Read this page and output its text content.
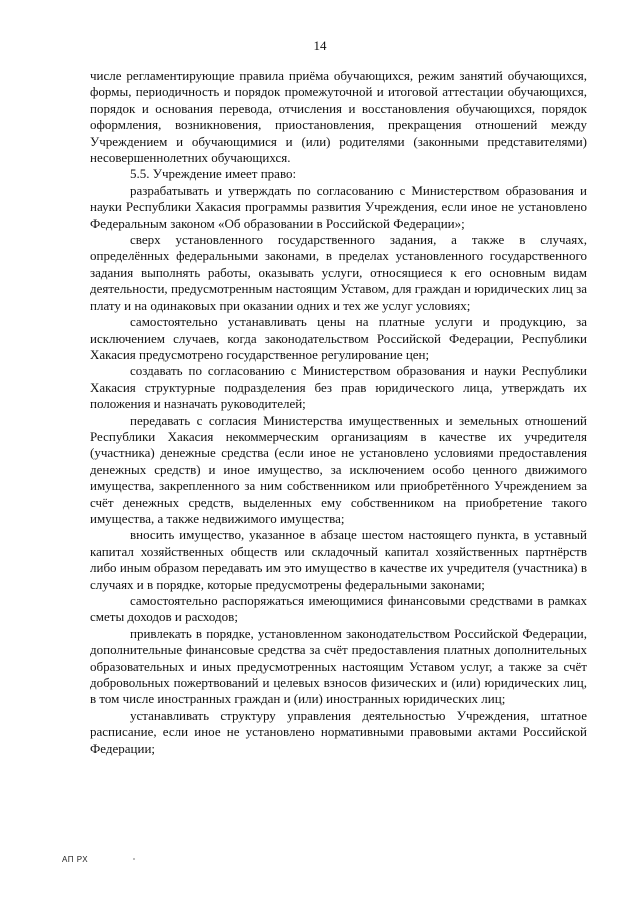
14

числе регламентирующие правила приёма обучающихся, режим занятий обучающихся, формы, периодичность и порядок промежуточной и итоговой аттестации обучающихся, порядок и основания перевода, отчисления и восстановления обучающихся, порядок оформления, возникновения, приостановления, прекращения отношений между Учреждением и обучающимися и (или) родителями (законными представителями) несовершеннолетних обучающихся.

5.5. Учреждение имеет право:

разрабатывать и утверждать по согласованию с Министерством образования и науки Республики Хакасия программы развития Учреждения, если иное не установлено Федеральным законом «Об образовании в Российской Федерации»;

сверх установленного государственного задания, а также в случаях, определённых федеральными законами, в пределах установленного государственного задания выполнять работы, оказывать услуги, относящиеся к его основным видам деятельности, предусмотренным настоящим Уставом, для граждан и юридических лиц за плату и на одинаковых при оказании одних и тех же услуг условиях;

самостоятельно устанавливать цены на платные услуги и продукцию, за исключением случаев, когда законодательством Российской Федерации, Республики Хакасия предусмотрено государственное регулирование цен;

создавать по согласованию с Министерством образования и науки Республики Хакасия структурные подразделения без прав юридического лица, утверждать их положения и назначать руководителей;

передавать с согласия Министерства имущественных и земельных отношений Республики Хакасия некоммерческим организациям в качестве их учредителя (участника) денежные средства (если иное не установлено условиями предоставления денежных средств) и иное имущество, за исключением особо ценного движимого имущества, закрепленного за ним собственником или приобретённого Учреждением за счёт денежных средств, выделенных ему собственником на приобретение такого имущества, а также недвижимого имущества;

вносить имущество, указанное в абзаце шестом настоящего пункта, в уставный капитал хозяйственных обществ или складочный капитал хозяйственных партнёрств либо иным образом передавать им это имущество в качестве их учредителя (участника) в случаях и в порядке, которые предусмотрены федеральными законами;

самостоятельно распоряжаться имеющимися финансовыми средствами в рамках сметы доходов и расходов;

привлекать в порядке, установленном законодательством Российской Федерации, дополнительные финансовые средства за счёт предоставления платных дополнительных образовательных и иных предусмотренных настоящим Уставом услуг, а также за счёт добровольных пожертвований и целевых взносов физических и (или) юридических лиц, в том числе иностранных граждан и (или) иностранных юридических лиц;

устанавливать структуру управления деятельностью Учреждения, штатное расписание, если иное не установлено нормативными правовыми актами Российской Федерации;

АП РХ
